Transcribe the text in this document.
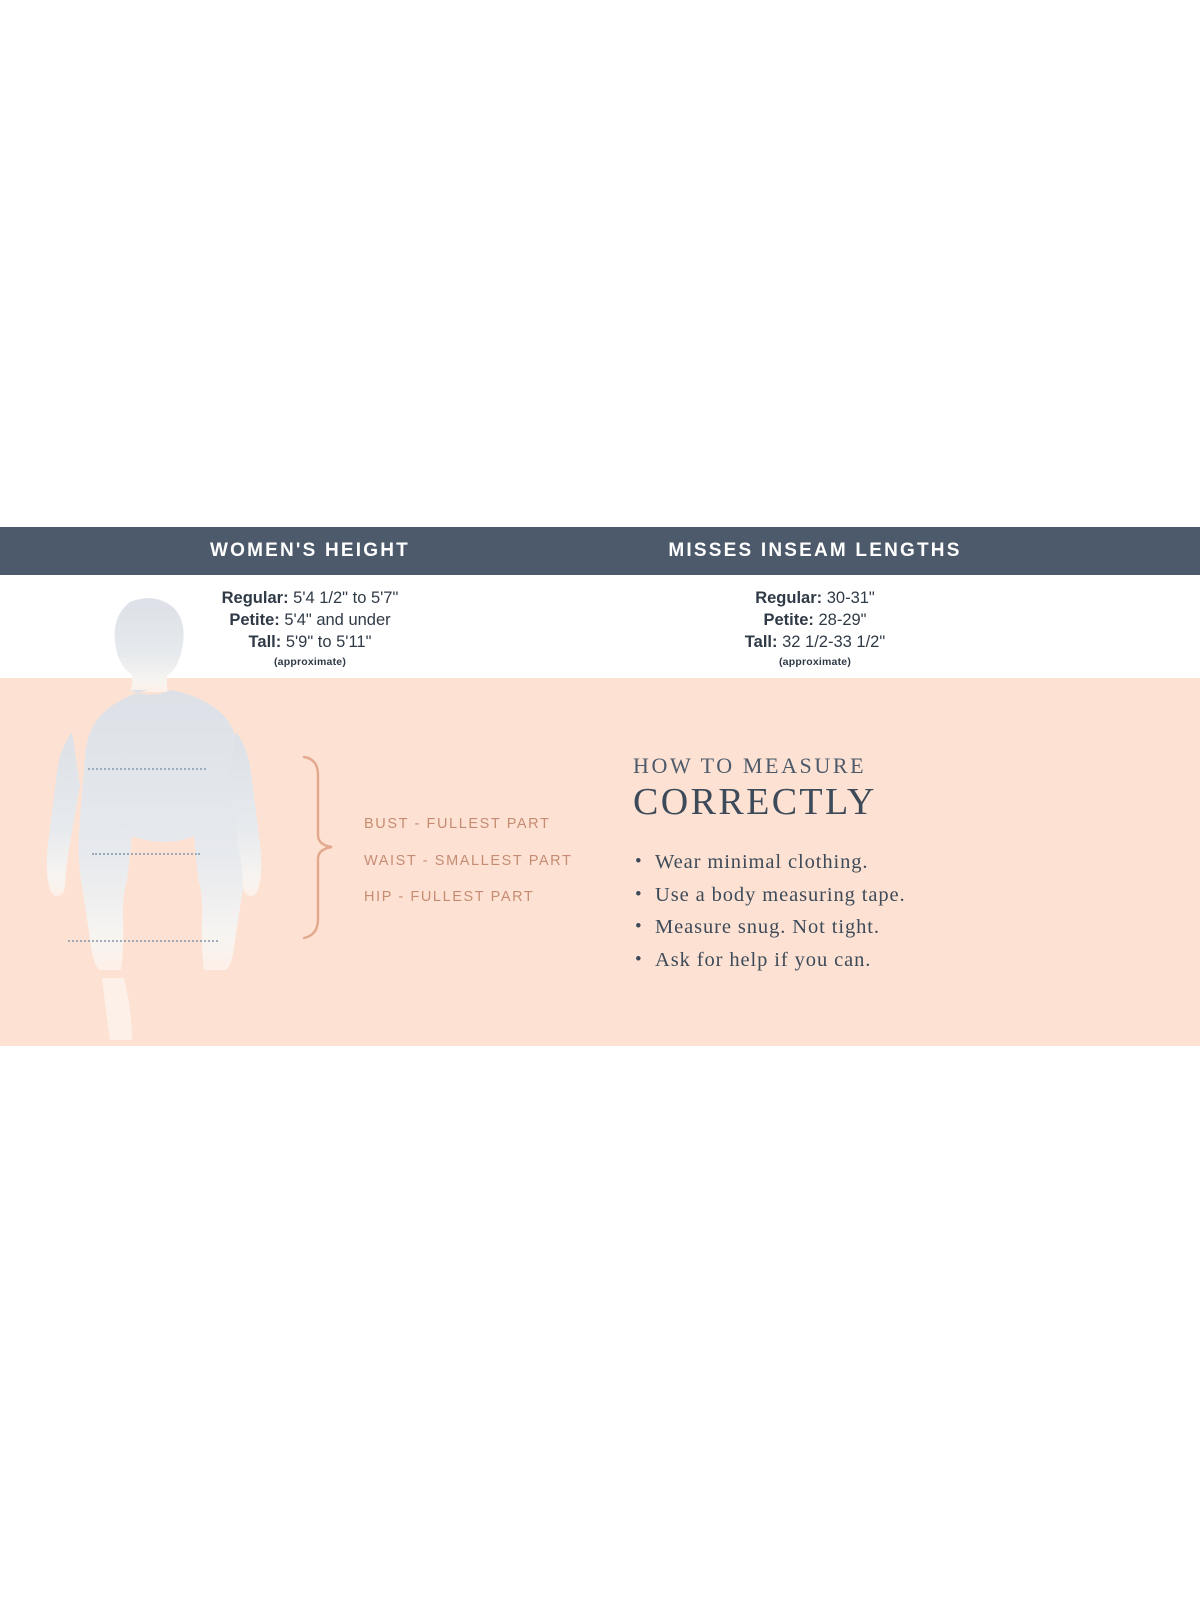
WOMEN'S HEIGHT	MISSES INSEAM LENGTHS
Regular: 5'4 1/2" to 5'7"
Petite: 5'4" and under
Tall: 5'9" to 5'11"
(approximate)
Regular: 30-31"
Petite: 28-29"
Tall: 32 1/2-33 1/2"
(approximate)
BUST - FULLEST PART
WAIST - SMALLEST PART
HIP - FULLEST PART
HOW TO MEASURE
CORRECTLY
• Wear minimal clothing.
• Use a body measuring tape.
• Measure snug. Not tight.
• Ask for help if you can.
